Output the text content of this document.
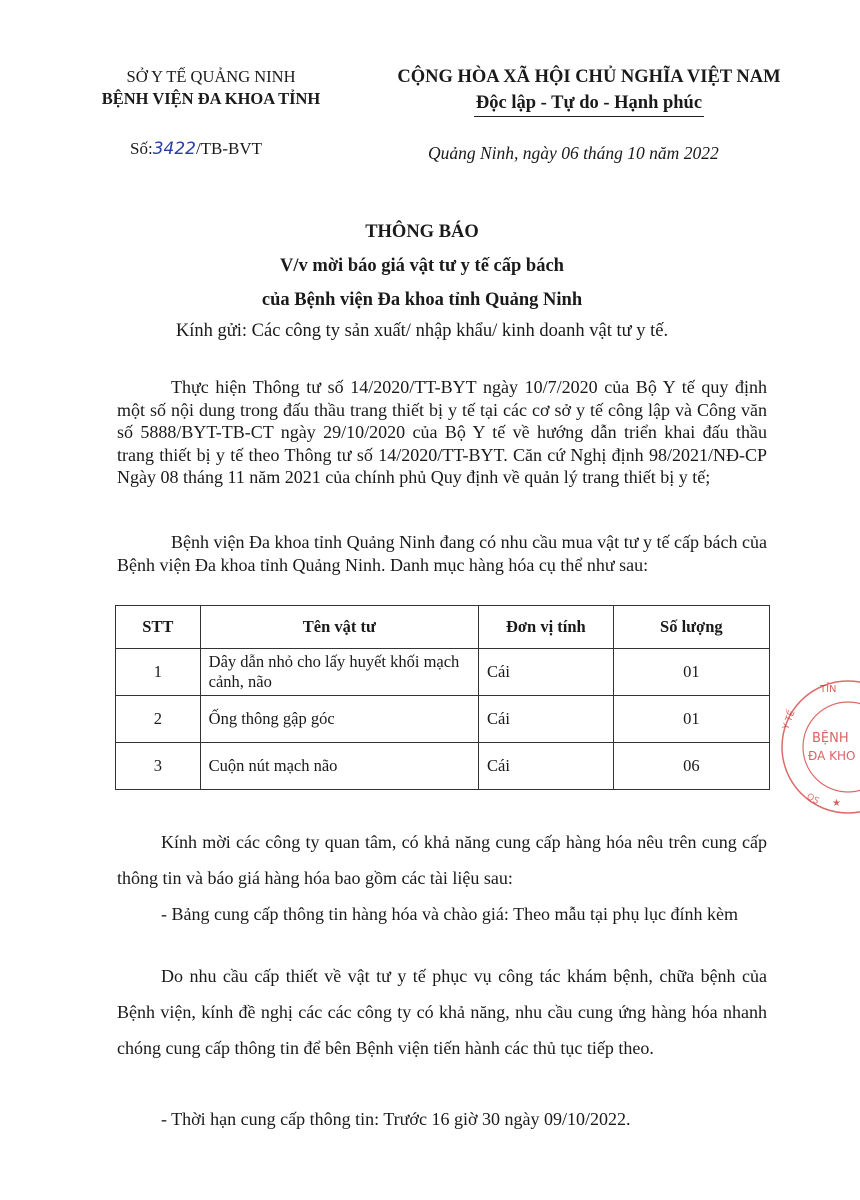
SỞ Y TẾ QUẢNG NINH
BỆNH VIỆN ĐA KHOA TỈNH
CỘNG HÒA XÃ HỘI CHỦ NGHĨA VIỆT NAM
Độc lập - Tự do - Hạnh phúc
Số:3422/TB-BVT	Quảng Ninh, ngày 06 tháng 10 năm 2022
THÔNG BÁO
V/v mời báo giá vật tư y tế cấp bách
của Bệnh viện Đa khoa tỉnh Quảng Ninh
Kính gửi: Các công ty sản xuất/ nhập khẩu/ kinh doanh vật tư y tế.
Thực hiện Thông tư số 14/2020/TT-BYT ngày 10/7/2020 của Bộ Y tế quy định một số nội dung trong đấu thầu trang thiết bị y tế tại các cơ sở y tế công lập và Công văn số 5888/BYT-TB-CT ngày 29/10/2020 của Bộ Y tế về hướng dẫn triển khai đấu thầu trang thiết bị y tế theo Thông tư số 14/2020/TT-BYT. Căn cứ Nghị định 98/2021/NĐ-CP Ngày 08 tháng 11 năm 2021 của chính phủ Quy định về quản lý trang thiết bị y tế;
Bệnh viện Đa khoa tỉnh Quảng Ninh đang có nhu cầu mua vật tư y tế cấp bách của Bệnh viện Đa khoa tỉnh Quảng Ninh. Danh mục hàng hóa cụ thể như sau:
STT	Tên vật tư	Đơn vị tính	Số lượng
1	Dây dẫn nhỏ cho lấy huyết khối mạch cảnh, não	Cái	01
2	Ống thông gập góc	Cái	01
3	Cuộn nút mạch não	Cái	06
Kính mời các công ty quan tâm, có khả năng cung cấp hàng hóa nêu trên cung cấp thông tin và báo giá hàng hóa bao gồm các tài liệu sau:
- Bảng cung cấp thông tin hàng hóa và chào giá: Theo mẫu tại phụ lục đính kèm
Do nhu cầu cấp thiết về vật tư y tế phục vụ công tác khám bệnh, chữa bệnh của Bệnh viện, kính đề nghị các các công ty có khả năng, nhu cầu cung ứng hàng hóa nhanh chóng cung cấp thông tin để bên Bệnh viện tiến hành các thủ tục tiếp theo.
- Thời hạn cung cấp thông tin: Trước 16 giờ 30 ngày 09/10/2022.
TỈN
Y TẾ
BỆNH
ĐA KHO
QS ★
